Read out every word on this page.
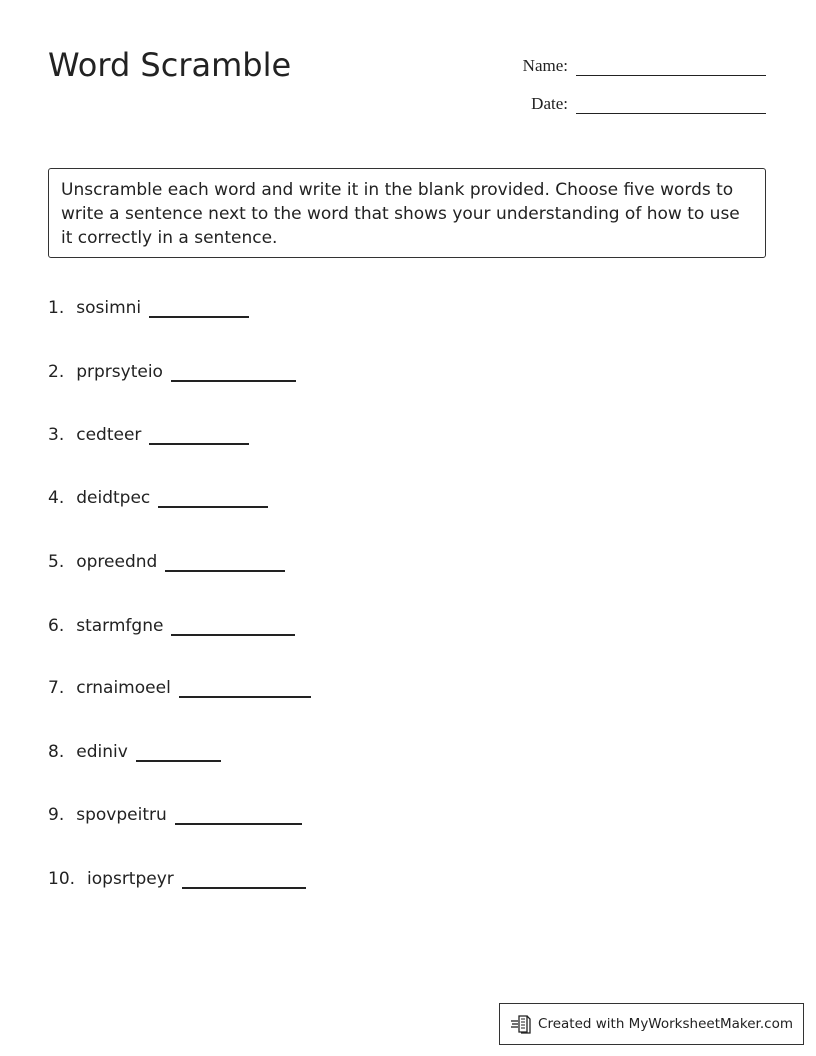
Word Scramble	Name:
Date:
Unscramble each word and write it in the blank provided. Choose five words to write a sentence next to the word that shows your understanding of how to use it correctly in a sentence.
1. sosimni
2. prprsyteio
3. cedteer
4. deidtpec
5. opreednd
6. starmfgne
7. crnaimoeel
8. ediniv
9. spovpeitru
10. iopsrtpeyr
Created with MyWorksheetMaker.com
